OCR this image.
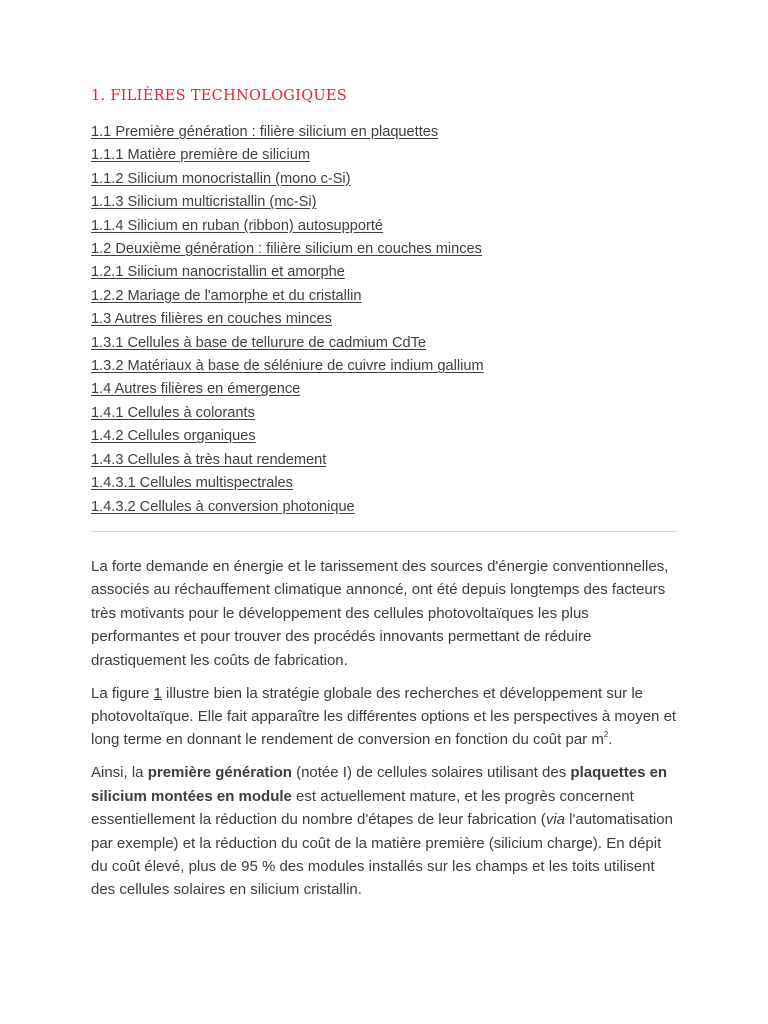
1. FILIÈRES TECHNOLOGIQUES
1.1 Première génération : filière silicium en plaquettes
1.1.1 Matière première de silicium
1.1.2 Silicium monocristallin (mono c-Si)
1.1.3 Silicium multicristallin (mc-Si)
1.1.4 Silicium en ruban (ribbon) autosupporté
1.2 Deuxième génération : filière silicium en couches minces
1.2.1 Silicium nanocristallin et amorphe
1.2.2 Mariage de l'amorphe et du cristallin
1.3 Autres filières en couches minces
1.3.1 Cellules à base de tellurure de cadmium CdTe
1.3.2 Matériaux à base de séléniure de cuivre indium gallium
1.4 Autres filières en émergence
1.4.1 Cellules à colorants
1.4.2 Cellules organiques
1.4.3 Cellules à très haut rendement
1.4.3.1 Cellules multispectrales
1.4.3.2 Cellules à conversion photonique

La forte demande en énergie et le tarissement des sources d'énergie conventionnelles, associés au réchauffement climatique annoncé, ont été depuis longtemps des facteurs très motivants pour le développement des cellules photovoltaïques les plus performantes et pour trouver des procédés innovants permettant de réduire drastiquement les coûts de fabrication.

La figure 1 illustre bien la stratégie globale des recherches et développement sur le photovoltaïque. Elle fait apparaître les différentes options et les perspectives à moyen et long terme en donnant le rendement de conversion en fonction du coût par $m^2$.

Ainsi, la première génération (notée I) de cellules solaires utilisant des plaquettes en silicium montées en module est actuellement mature, et les progrès concernent essentiellement la réduction du nombre d'étapes de leur fabrication (via l'automatisation par exemple) et la réduction du coût de la matière première (silicium charge). En dépit du coût élevé, plus de 95 % des modules installés sur les champs et les toits utilisent des cellules solaires en silicium cristallin.
